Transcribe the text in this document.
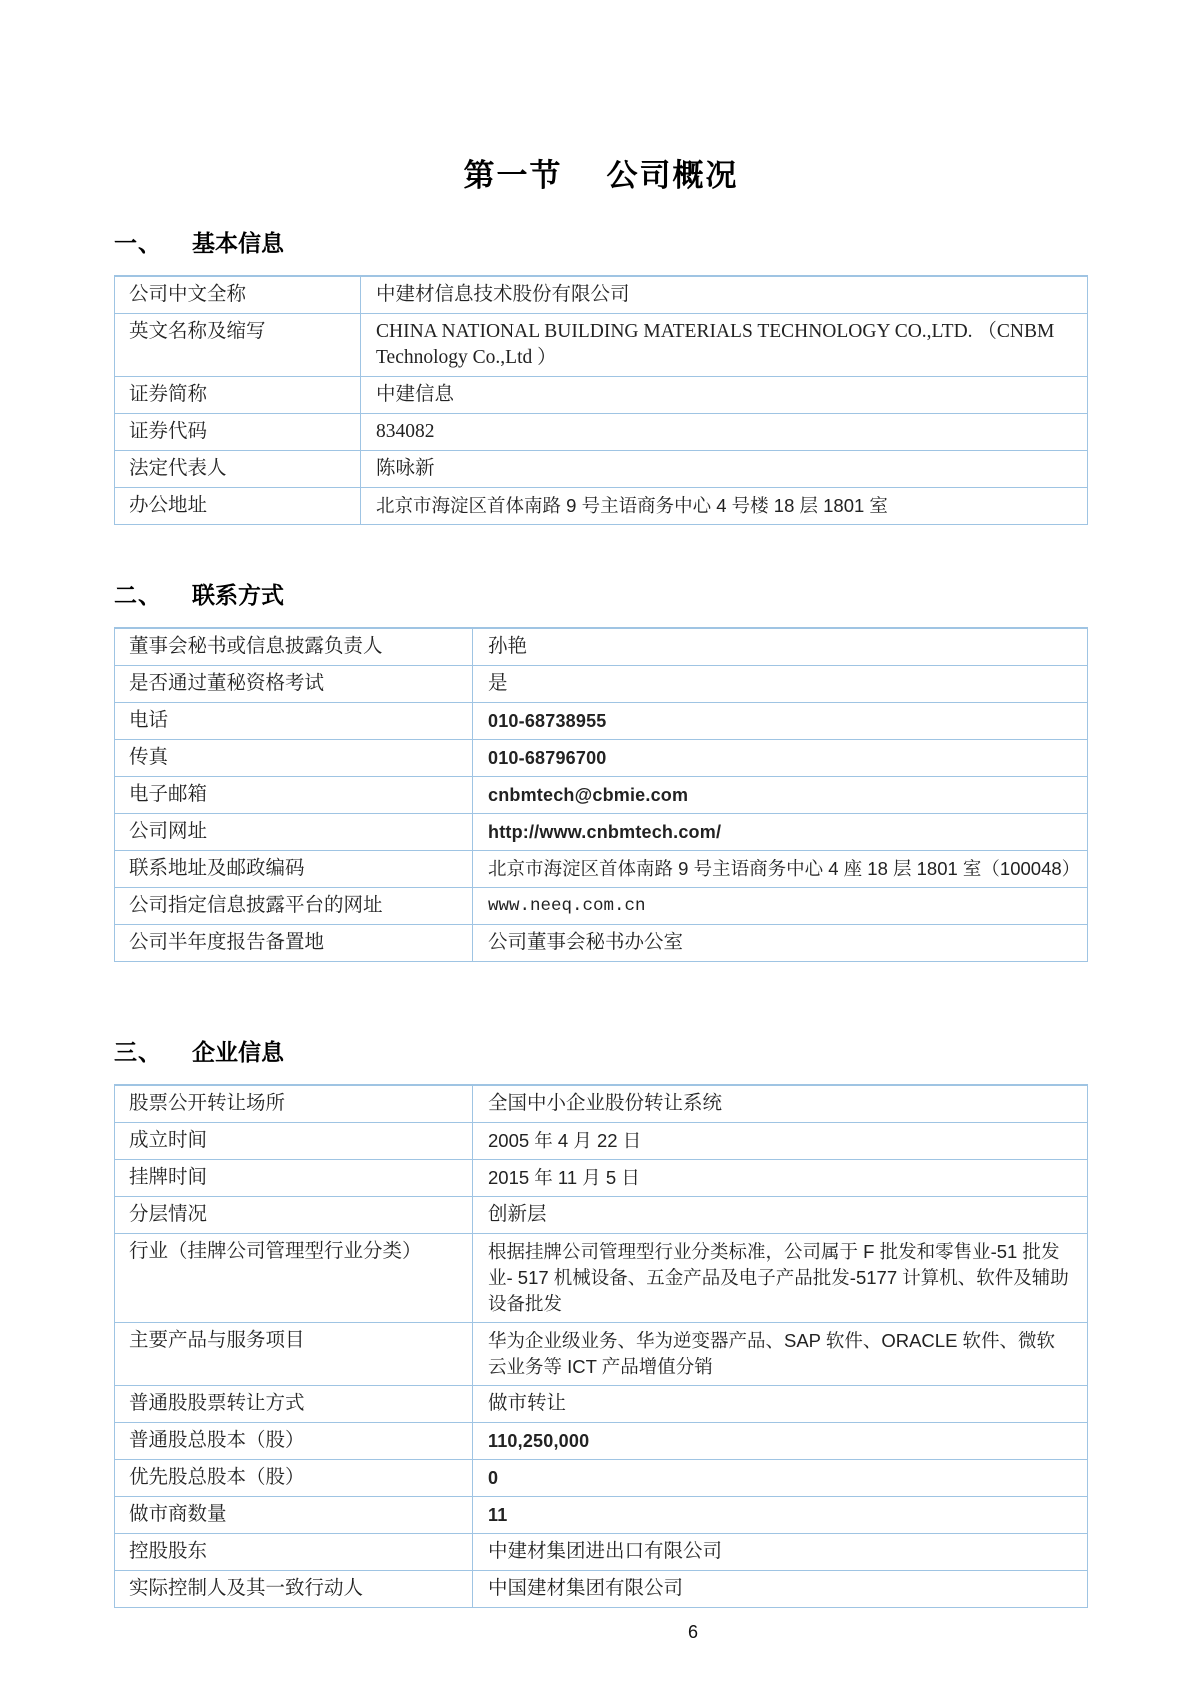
第一节 公司概况
一、 基本信息
公司中文全称	中建材信息技术股份有限公司
英文名称及缩写	CHINA NATIONAL BUILDING MATERIALS TECHNOLOGY CO.,LTD. （CNBM Technology Co.,Ltd ）
证券简称	中建信息
证券代码	834082
法定代表人	陈咏新
办公地址	北京市海淀区首体南路 9 号主语商务中心 4 号楼 18 层 1801 室
二、 联系方式
董事会秘书或信息披露负责人	孙艳
是否通过董秘资格考试	是
电话	010-68738955
传真	010-68796700
电子邮箱	cnbmtech@cbmie.com
公司网址	http://www.cnbmtech.com/
联系地址及邮政编码	北京市海淀区首体南路 9 号主语商务中心 4 座 18 层 1801 室（100048）
公司指定信息披露平台的网址	www.neeq.com.cn
公司半年度报告备置地	公司董事会秘书办公室
三、 企业信息
股票公开转让场所	全国中小企业股份转让系统
成立时间	2005 年 4 月 22 日
挂牌时间	2015 年 11 月 5 日
分层情况	创新层
行业（挂牌公司管理型行业分类）	根据挂牌公司管理型行业分类标准，公司属于 F 批发和零售业-51 批发业- 517 机械设备、五金产品及电子产品批发-5177 计算机、软件及辅助设备批发
主要产品与服务项目	华为企业级业务、华为逆变器产品、SAP 软件、ORACLE 软件、微软云业务等 ICT 产品增值分销
普通股股票转让方式	做市转让
普通股总股本（股）	110,250,000
优先股总股本（股）	0
做市商数量	11
控股股东	中建材集团进出口有限公司
实际控制人及其一致行动人	中国建材集团有限公司
6
